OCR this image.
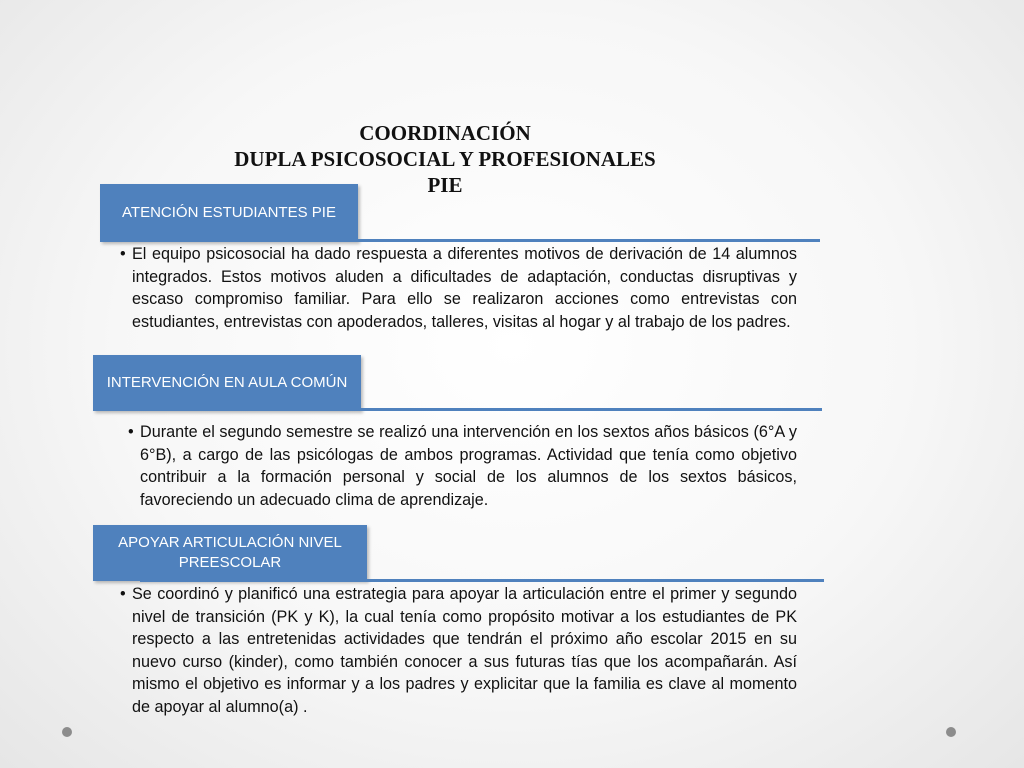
COORDINACIÓN
DUPLA PSICOSOCIAL Y PROFESIONALES
PIE
ATENCIÓN ESTUDIANTES PIE
• El equipo psicosocial ha dado respuesta a diferentes motivos de derivación de 14 alumnos integrados. Estos motivos aluden a dificultades de adaptación, conductas disruptivas y escaso compromiso familiar. Para ello se realizaron acciones como entrevistas con estudiantes, entrevistas con apoderados, talleres, visitas al hogar y al trabajo de los padres.
INTERVENCIÓN EN AULA COMÚN
• Durante el segundo semestre se realizó una intervención en los sextos años básicos (6°A y 6°B), a cargo de las psicólogas de ambos programas. Actividad que tenía como objetivo contribuir a la formación personal y social de los alumnos de los sextos básicos, favoreciendo un adecuado clima de aprendizaje.
APOYAR ARTICULACIÓN NIVEL PREESCOLAR
• Se coordinó y planificó una estrategia para apoyar la articulación entre el primer y segundo nivel de transición (PK y K), la cual tenía como propósito motivar a los estudiantes de PK respecto a las entretenidas actividades que tendrán el próximo año escolar 2015 en su nuevo curso (kinder), como también conocer a sus futuras tías que los acompañarán. Así mismo el objetivo es informar y a los padres y explicitar que la familia es clave al momento de apoyar al alumno(a) .
